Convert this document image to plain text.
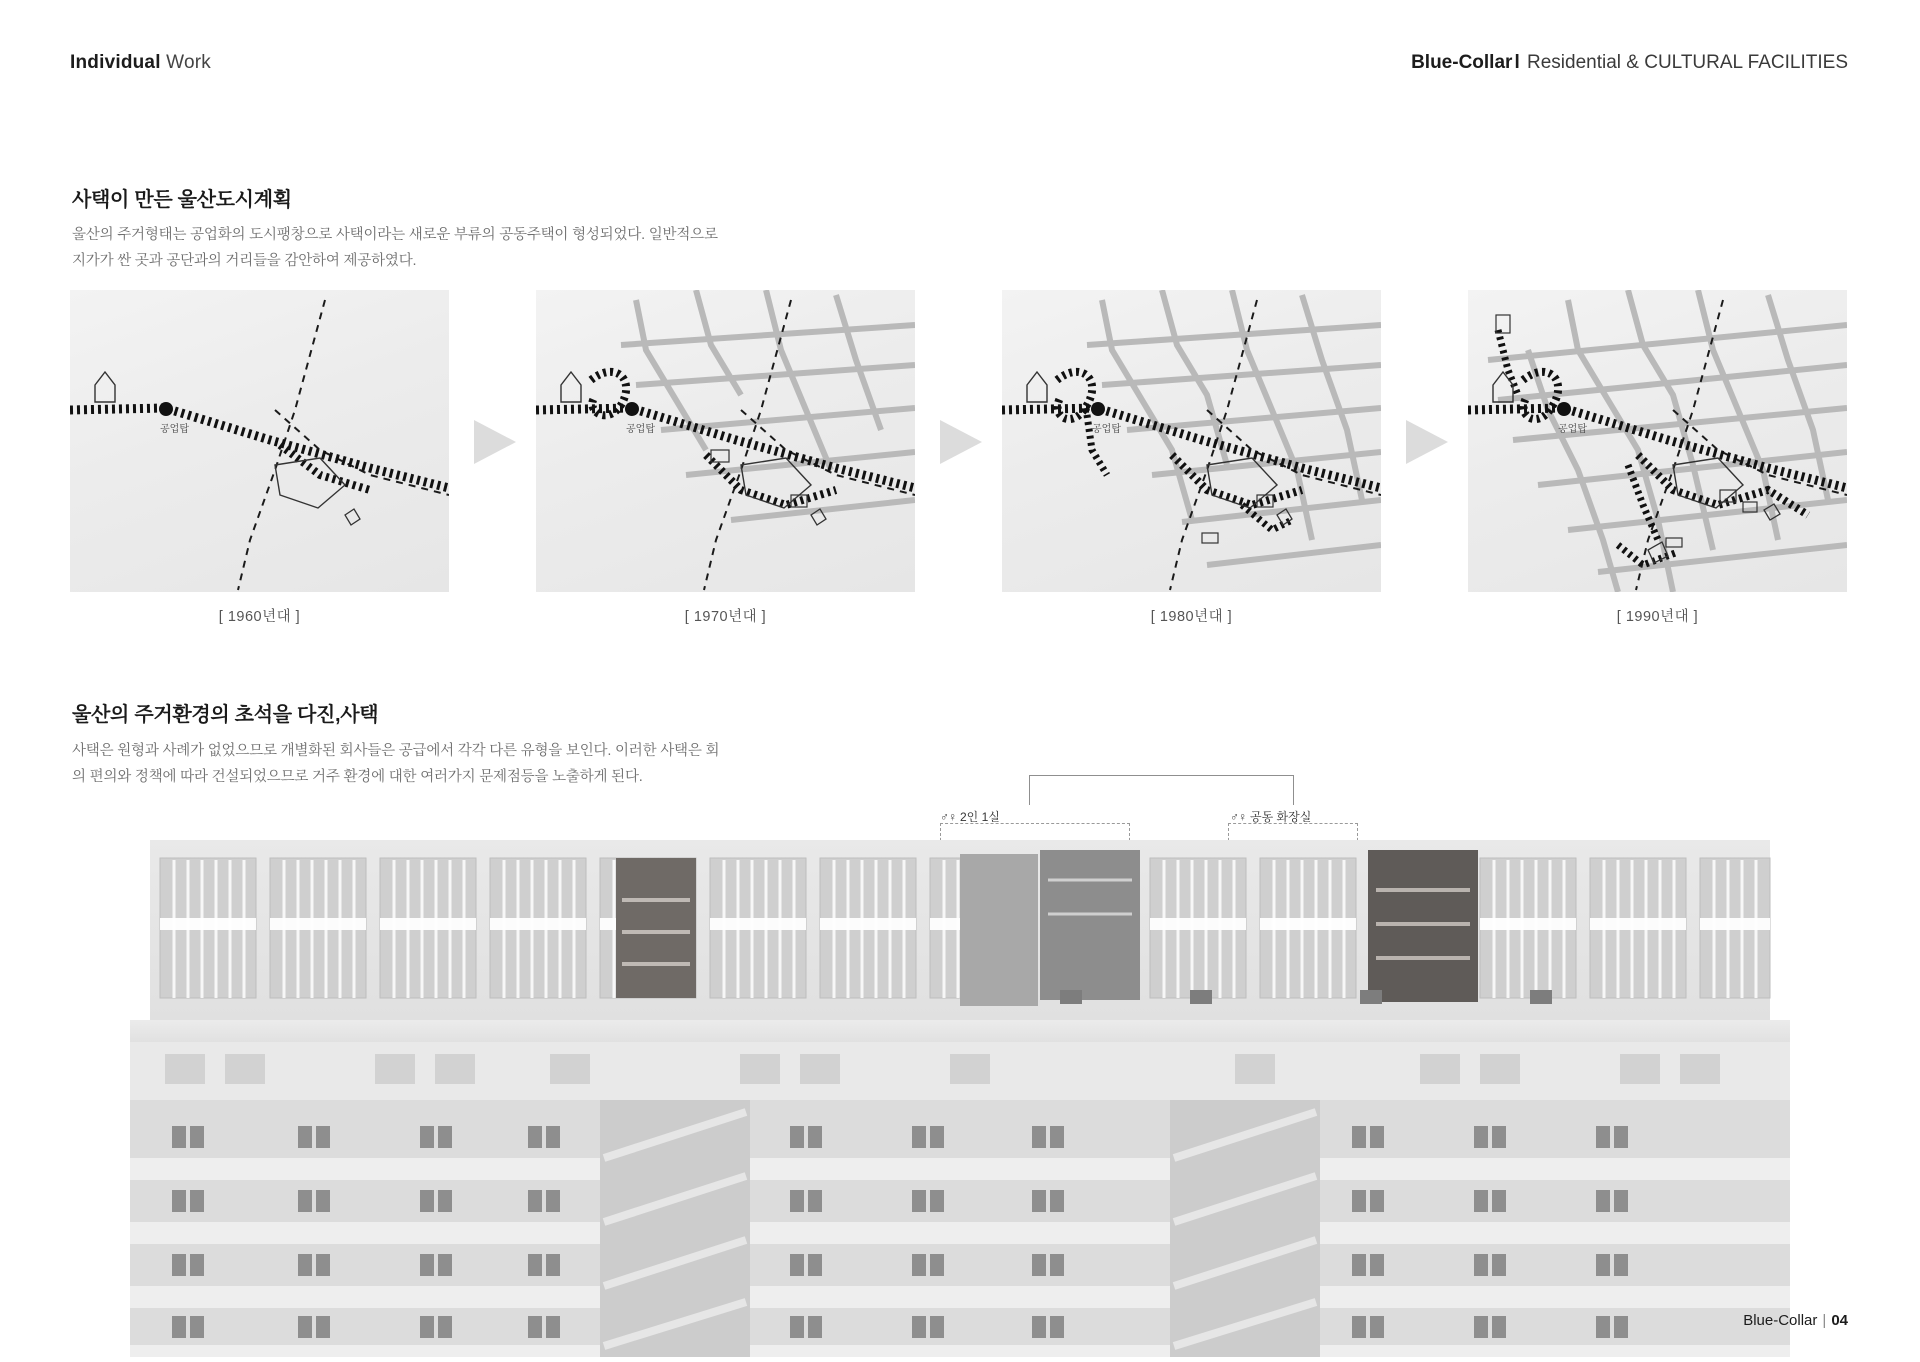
Individual Work	Blue-Collar l Residential & CULTURAL FACILITIES
사택이 만든 울산도시계획
울산의 주거형태는 공업화의 도시팽창으로 사택이라는 새로운 부류의 공동주택이 형성되었다. 일반적으로 지가가 싼 곳과 공단과의 거리들을 감안하여 제공하였다.
공업탑	공업탑	공업탑	공업탑
[ 1960년대 ]	[ 1970년대 ]	[ 1980년대 ]	[ 1990년대 ]
울산의 주거환경의 초석을 다진,사택
사택은 원형과 사례가 없었으므로 개별화된 회사들은 공급에서 각각 다른 유형을 보인다. 이러한 사택은 회의 편의와 정책에 따라 건설되었으므로 거주 환경에 대한 여러가지 문제점등을 노출하게 된다.
♂♀ 2인 1실	♂♀ 공동 화장실
Blue-Collar | 04
